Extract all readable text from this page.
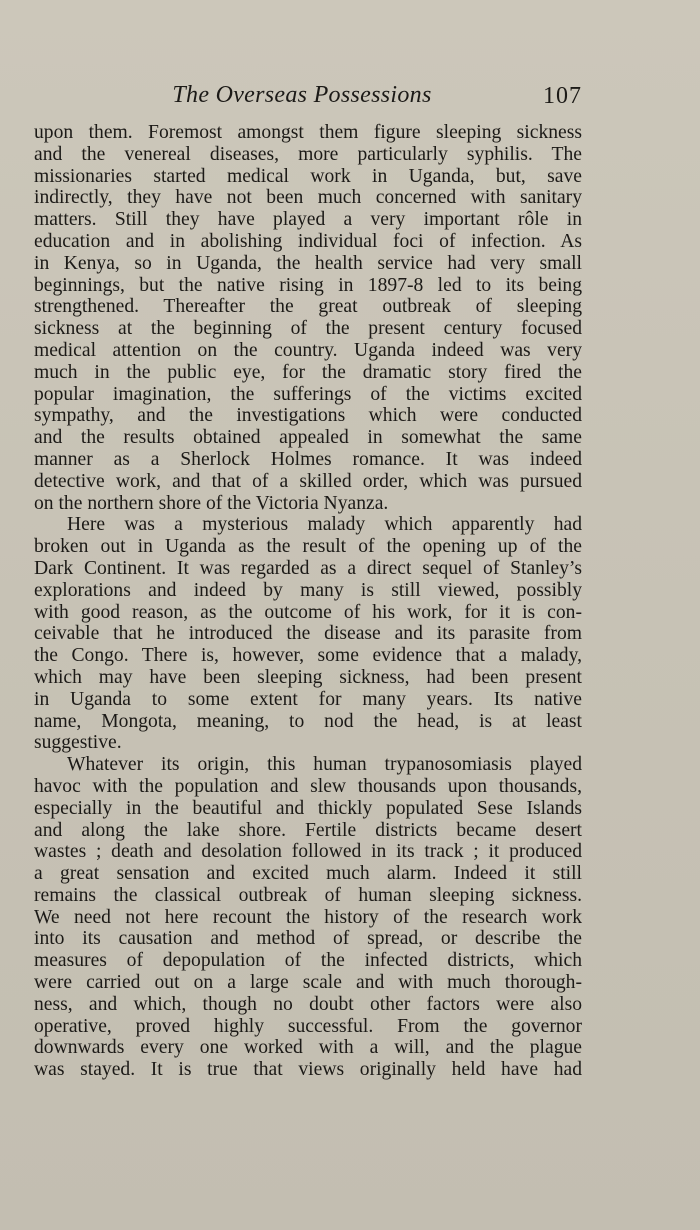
The Overseas Possessions	107
upon them. Foremost amongst them figure sleeping sickness
and the venereal diseases, more particularly syphilis. The
missionaries started medical work in Uganda, but, save
indirectly, they have not been much concerned with sanitary
matters. Still they have played a very important rôle in
education and in abolishing individual foci of infection. As
in Kenya, so in Uganda, the health service had very small
beginnings, but the native rising in 1897-8 led to its being
strengthened. Thereafter the great outbreak of sleeping
sickness at the beginning of the present century focused
medical attention on the country. Uganda indeed was very
much in the public eye, for the dramatic story fired the
popular imagination, the sufferings of the victims excited
sympathy, and the investigations which were conducted
and the results obtained appealed in somewhat the same
manner as a Sherlock Holmes romance. It was indeed
detective work, and that of a skilled order, which was pursued
on the northern shore of the Victoria Nyanza.
Here was a mysterious malady which apparently had
broken out in Uganda as the result of the opening up of the
Dark Continent. It was regarded as a direct sequel of Stanley’s
explorations and indeed by many is still viewed, possibly
with good reason, as the outcome of his work, for it is con-
ceivable that he introduced the disease and its parasite from
the Congo. There is, however, some evidence that a malady,
which may have been sleeping sickness, had been present
in Uganda to some extent for many years. Its native
name, Mongota, meaning, to nod the head, is at least
suggestive.
Whatever its origin, this human trypanosomiasis played
havoc with the population and slew thousands upon thousands,
especially in the beautiful and thickly populated Sese Islands
and along the lake shore. Fertile districts became desert
wastes ; death and desolation followed in its track ; it produced
a great sensation and excited much alarm. Indeed it still
remains the classical outbreak of human sleeping sickness.
We need not here recount the history of the research work
into its causation and method of spread, or describe the
measures of depopulation of the infected districts, which
were carried out on a large scale and with much thorough-
ness, and which, though no doubt other factors were also
operative, proved highly successful. From the governor
downwards every one worked with a will, and the plague
was stayed. It is true that views originally held have had
